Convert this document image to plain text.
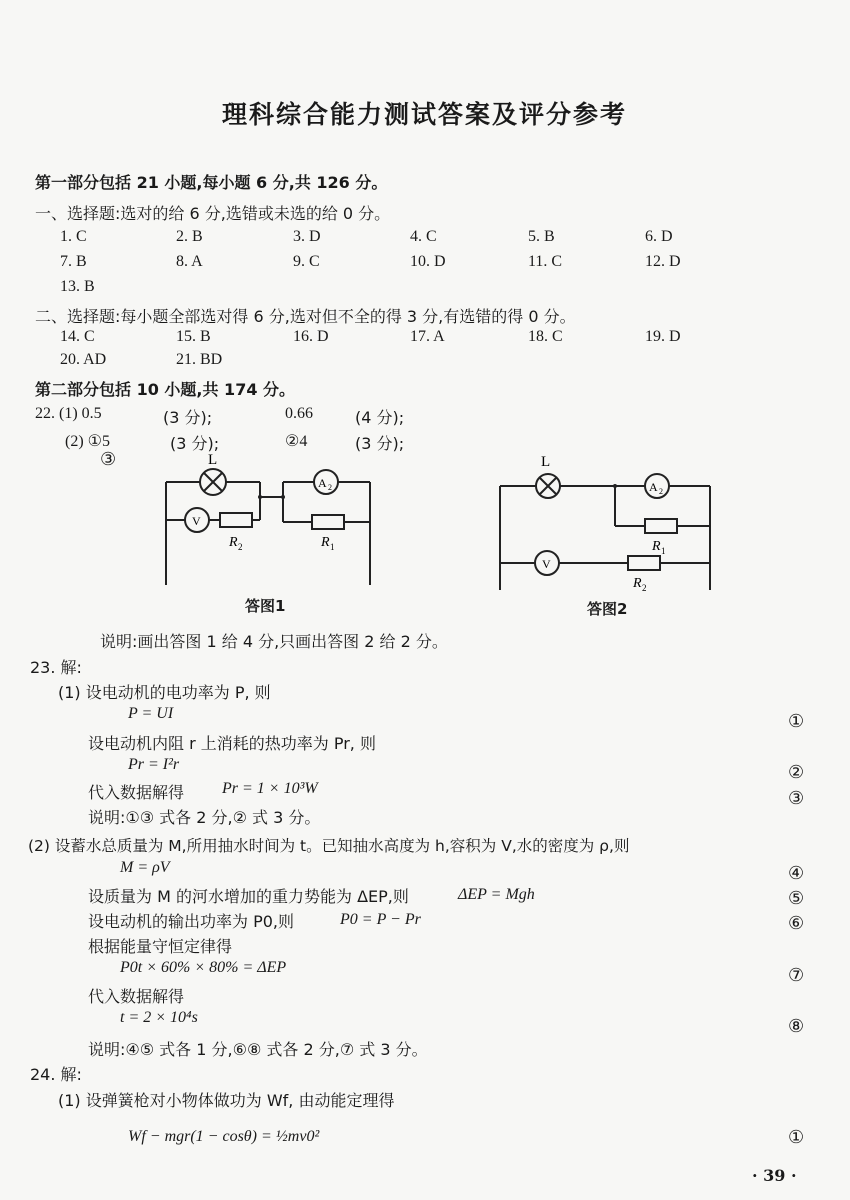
理科综合能力测试答案及评分参考
第一部分包括 21 小题,每小题 6 分,共 126 分。
一、选择题:选对的给 6 分,选错或未选的给 0 分。
1. C	2. B	3. D	4. C	5. B	6. D
7. B	8. A	9. C	10. D	11. C	12. D
13. B
二、选择题:每小题全部选对得 6 分,选对但不全的得 3 分,有选错的得 0 分。
14. C	15. B	16. D	17. A	18. C	19. D
20. AD	21. BD
第二部分包括 10 小题,共 174 分。
22. (1) 0.5	(3 分);	0.66	(4 分);
(2) ①5	(3 分);	②4	(3 分);
③	L
V
A 2
R 2	R 1
答图1
L
V
A 2
R 1
R 2
答图2
说明:画出答图 1 给 4 分,只画出答图 2 给 2 分。
23. 解:
(1) 设电动机的电功率为 P, 则
P = UI
设电动机内阻 r 上消耗的热功率为 Pr, 则
Pr = I²r
代入数据解得 Pr = 1 × 10³W
说明:①③ 式各 2 分,② 式 3 分。
(2) 设蓄水总质量为 M,所用抽水时间为 t。已知抽水高度为 h,容积为 V,水的密度为 ρ,则
M = ρV
设质量为 M 的河水增加的重力势能为 ΔEP,则	ΔEP = Mgh
设电动机的输出功率为 P0,则	P0 = P − Pr
根据能量守恒定律得
P0t × 60% × 80% = ΔEP
代入数据解得
t = 2 × 10⁴s
说明:④⑤ 式各 1 分,⑥⑧ 式各 2 分,⑦ 式 3 分。
24. 解:
(1) 设弹簧枪对小物体做功为 Wf, 由动能定理得
Wf − mgr(1 − cosθ) = ½mv0²
①
②
③
④
⑤
⑥
⑦
⑧
①
· 39 ·
